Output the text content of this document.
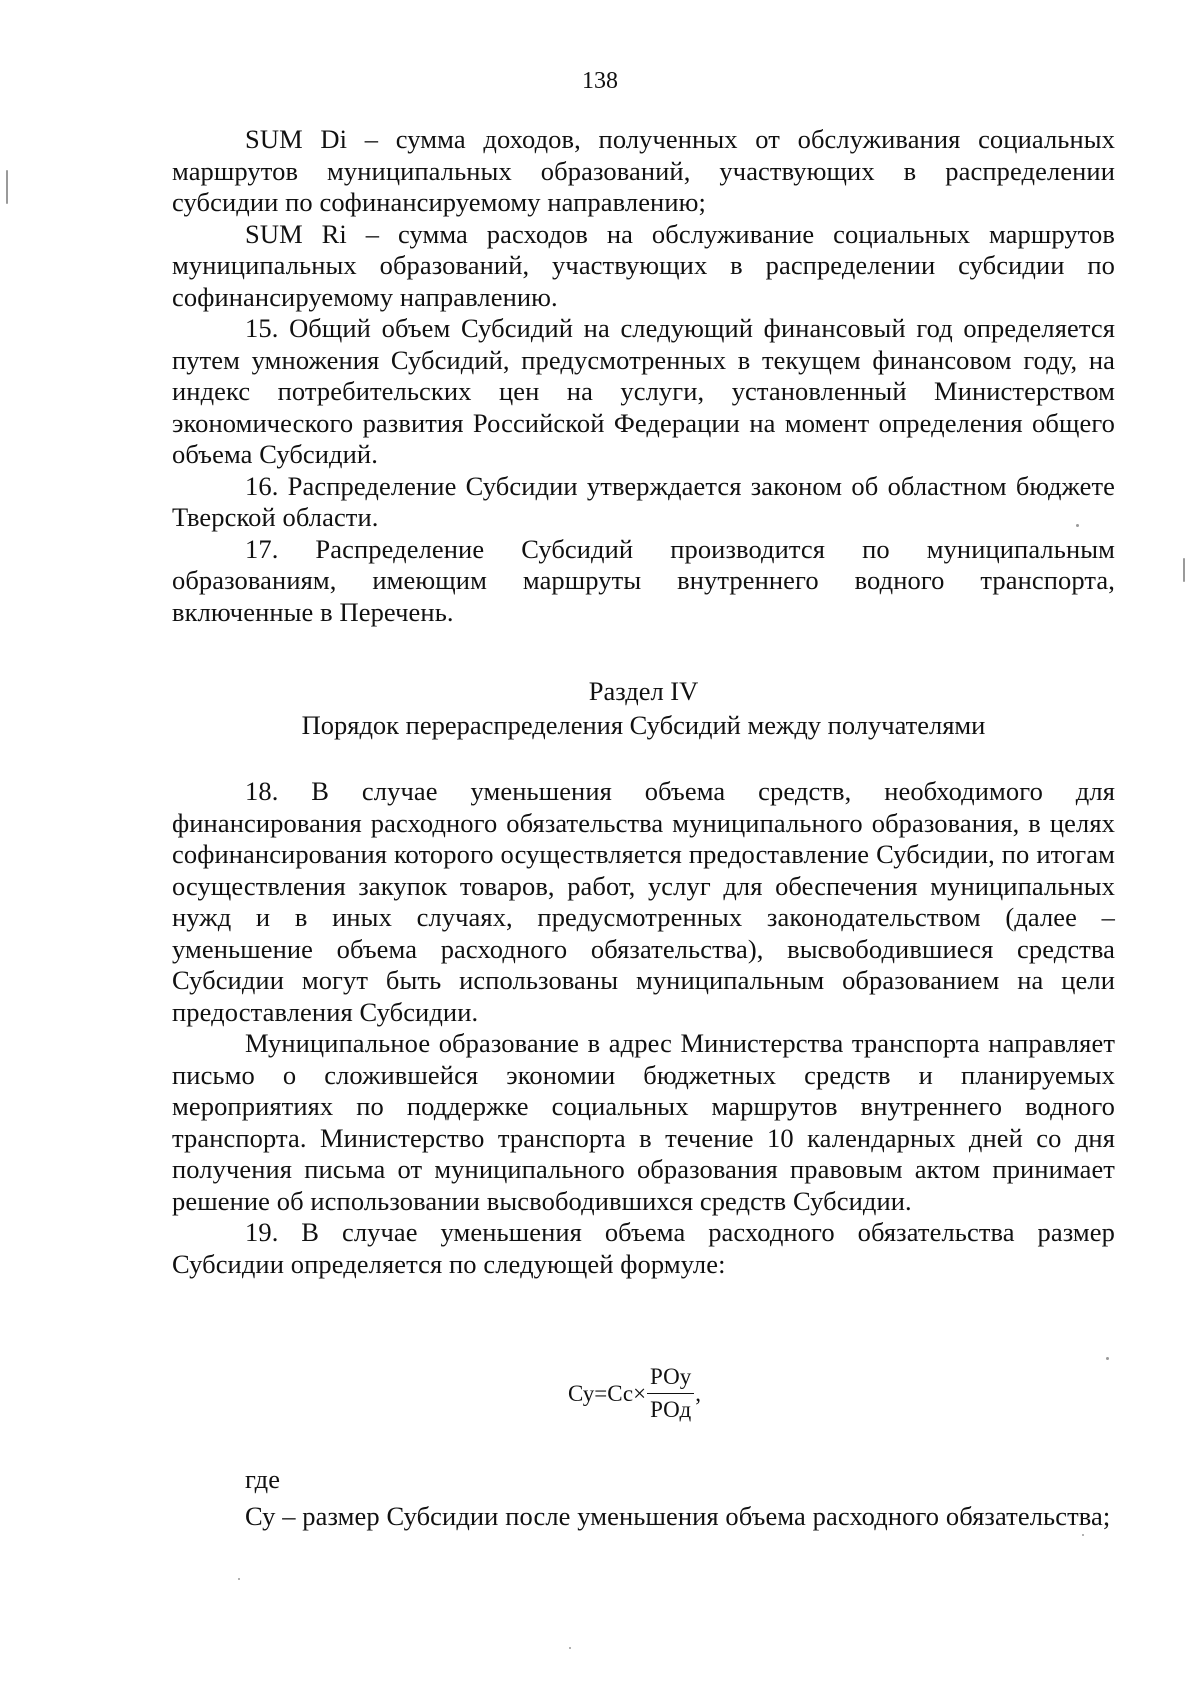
138

SUM Di – сумма доходов, полученных от обслуживания социальных маршрутов муниципальных образований, участвующих в распределении субсидии по софинансируемому направлению;

SUM Ri – сумма расходов на обслуживание социальных маршрутов муниципальных образований, участвующих в распределении субсидии по софинансируемому направлению.

15. Общий объем Субсидий на следующий финансовый год определяется путем умножения Субсидий, предусмотренных в текущем финансовом году, на индекс потребительских цен на услуги, установленный Министерством экономического развития Российской Федерации на момент определения общего объема Субсидий.

16. Распределение Субсидии утверждается законом об областном бюджете Тверской области.

17. Распределение Субсидий производится по муниципальным образованиям, имеющим маршруты внутреннего водного транспорта, включенные в Перечень.

Раздел IV

Порядок перераспределения Субсидий между получателями

18. В случае уменьшения объема средств, необходимого для финансирования расходного обязательства муниципального образования, в целях софинансирования которого осуществляется предоставление Субсидии, по итогам осуществления закупок товаров, работ, услуг для обеспечения муниципальных нужд и в иных случаях, предусмотренных законодательством (далее – уменьшение объема расходного обязательства), высвободившиеся средства Субсидии могут быть использованы муниципальным образованием на цели предоставления Субсидии.

Муниципальное образование в адрес Министерства транспорта направляет письмо о сложившейся экономии бюджетных средств и планируемых мероприятиях по поддержке социальных маршрутов внутреннего водного транспорта. Министерство транспорта в течение 10 календарных дней со дня получения письма от муниципального образования правовым актом принимает решение об использовании высвободившихся средств Субсидии.

19. В случае уменьшения объема расходного обязательства размер Субсидии определяется по следующей формуле:

$Су=Сс\times \frac{\text{РОу}}{\text{РОд}}$ ,

где

Су – размер Субсидии после уменьшения объема расходного обязательства;
